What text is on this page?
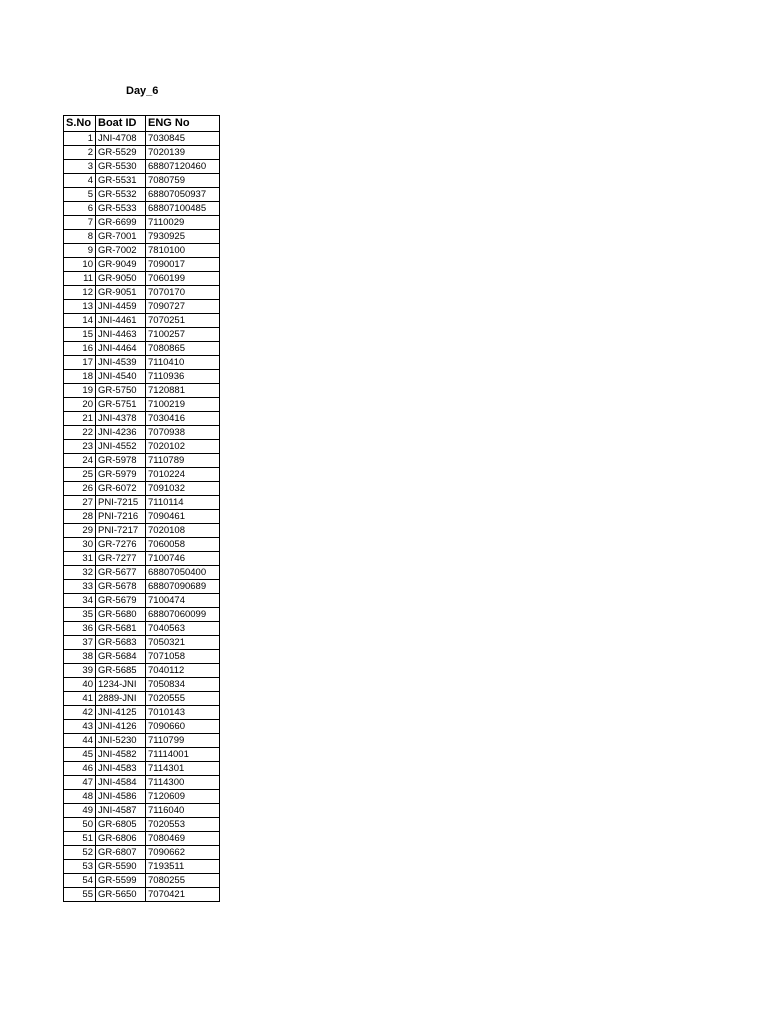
Day_6
S.No	Boat ID	ENG No
1	JNI-4708	7030845
2	GR-5529	7020139
3	GR-5530	68807120460
4	GR-5531	7080759
5	GR-5532	68807050937
6	GR-5533	68807100485
7	GR-6699	7110029
8	GR-7001	7930925
9	GR-7002	7810100
10	GR-9049	7090017
11	GR-9050	7060199
12	GR-9051	7070170
13	JNI-4459	7090727
14	JNI-4461	7070251
15	JNI-4463	7100257
16	JNI-4464	7080865
17	JNI-4539	7110410
18	JNI-4540	7110936
19	GR-5750	7120881
20	GR-5751	7100219
21	JNI-4378	7030416
22	JNI-4236	7070938
23	JNI-4552	7020102
24	GR-5978	7110789
25	GR-5979	7010224
26	GR-6072	7091032
27	PNI-7215	7110114
28	PNI-7216	7090461
29	PNI-7217	7020108
30	GR-7276	7060058
31	GR-7277	7100746
32	GR-5677	68807050400
33	GR-5678	68807090689
34	GR-5679	7100474
35	GR-5680	68807060099
36	GR-5681	7040563
37	GR-5683	7050321
38	GR-5684	7071058
39	GR-5685	7040112
40	1234-JNI	7050834
41	2889-JNI	7020555
42	JNI-4125	7010143
43	JNI-4126	7090660
44	JNI-5230	7110799
45	JNI-4582	71114001
46	JNI-4583	7114301
47	JNI-4584	7114300
48	JNI-4586	7120609
49	JNI-4587	7116040
50	GR-6805	7020553
51	GR-6806	7080469
52	GR-6807	7090662
53	GR-5590	7193511
54	GR-5599	7080255
55	GR-5650	7070421
